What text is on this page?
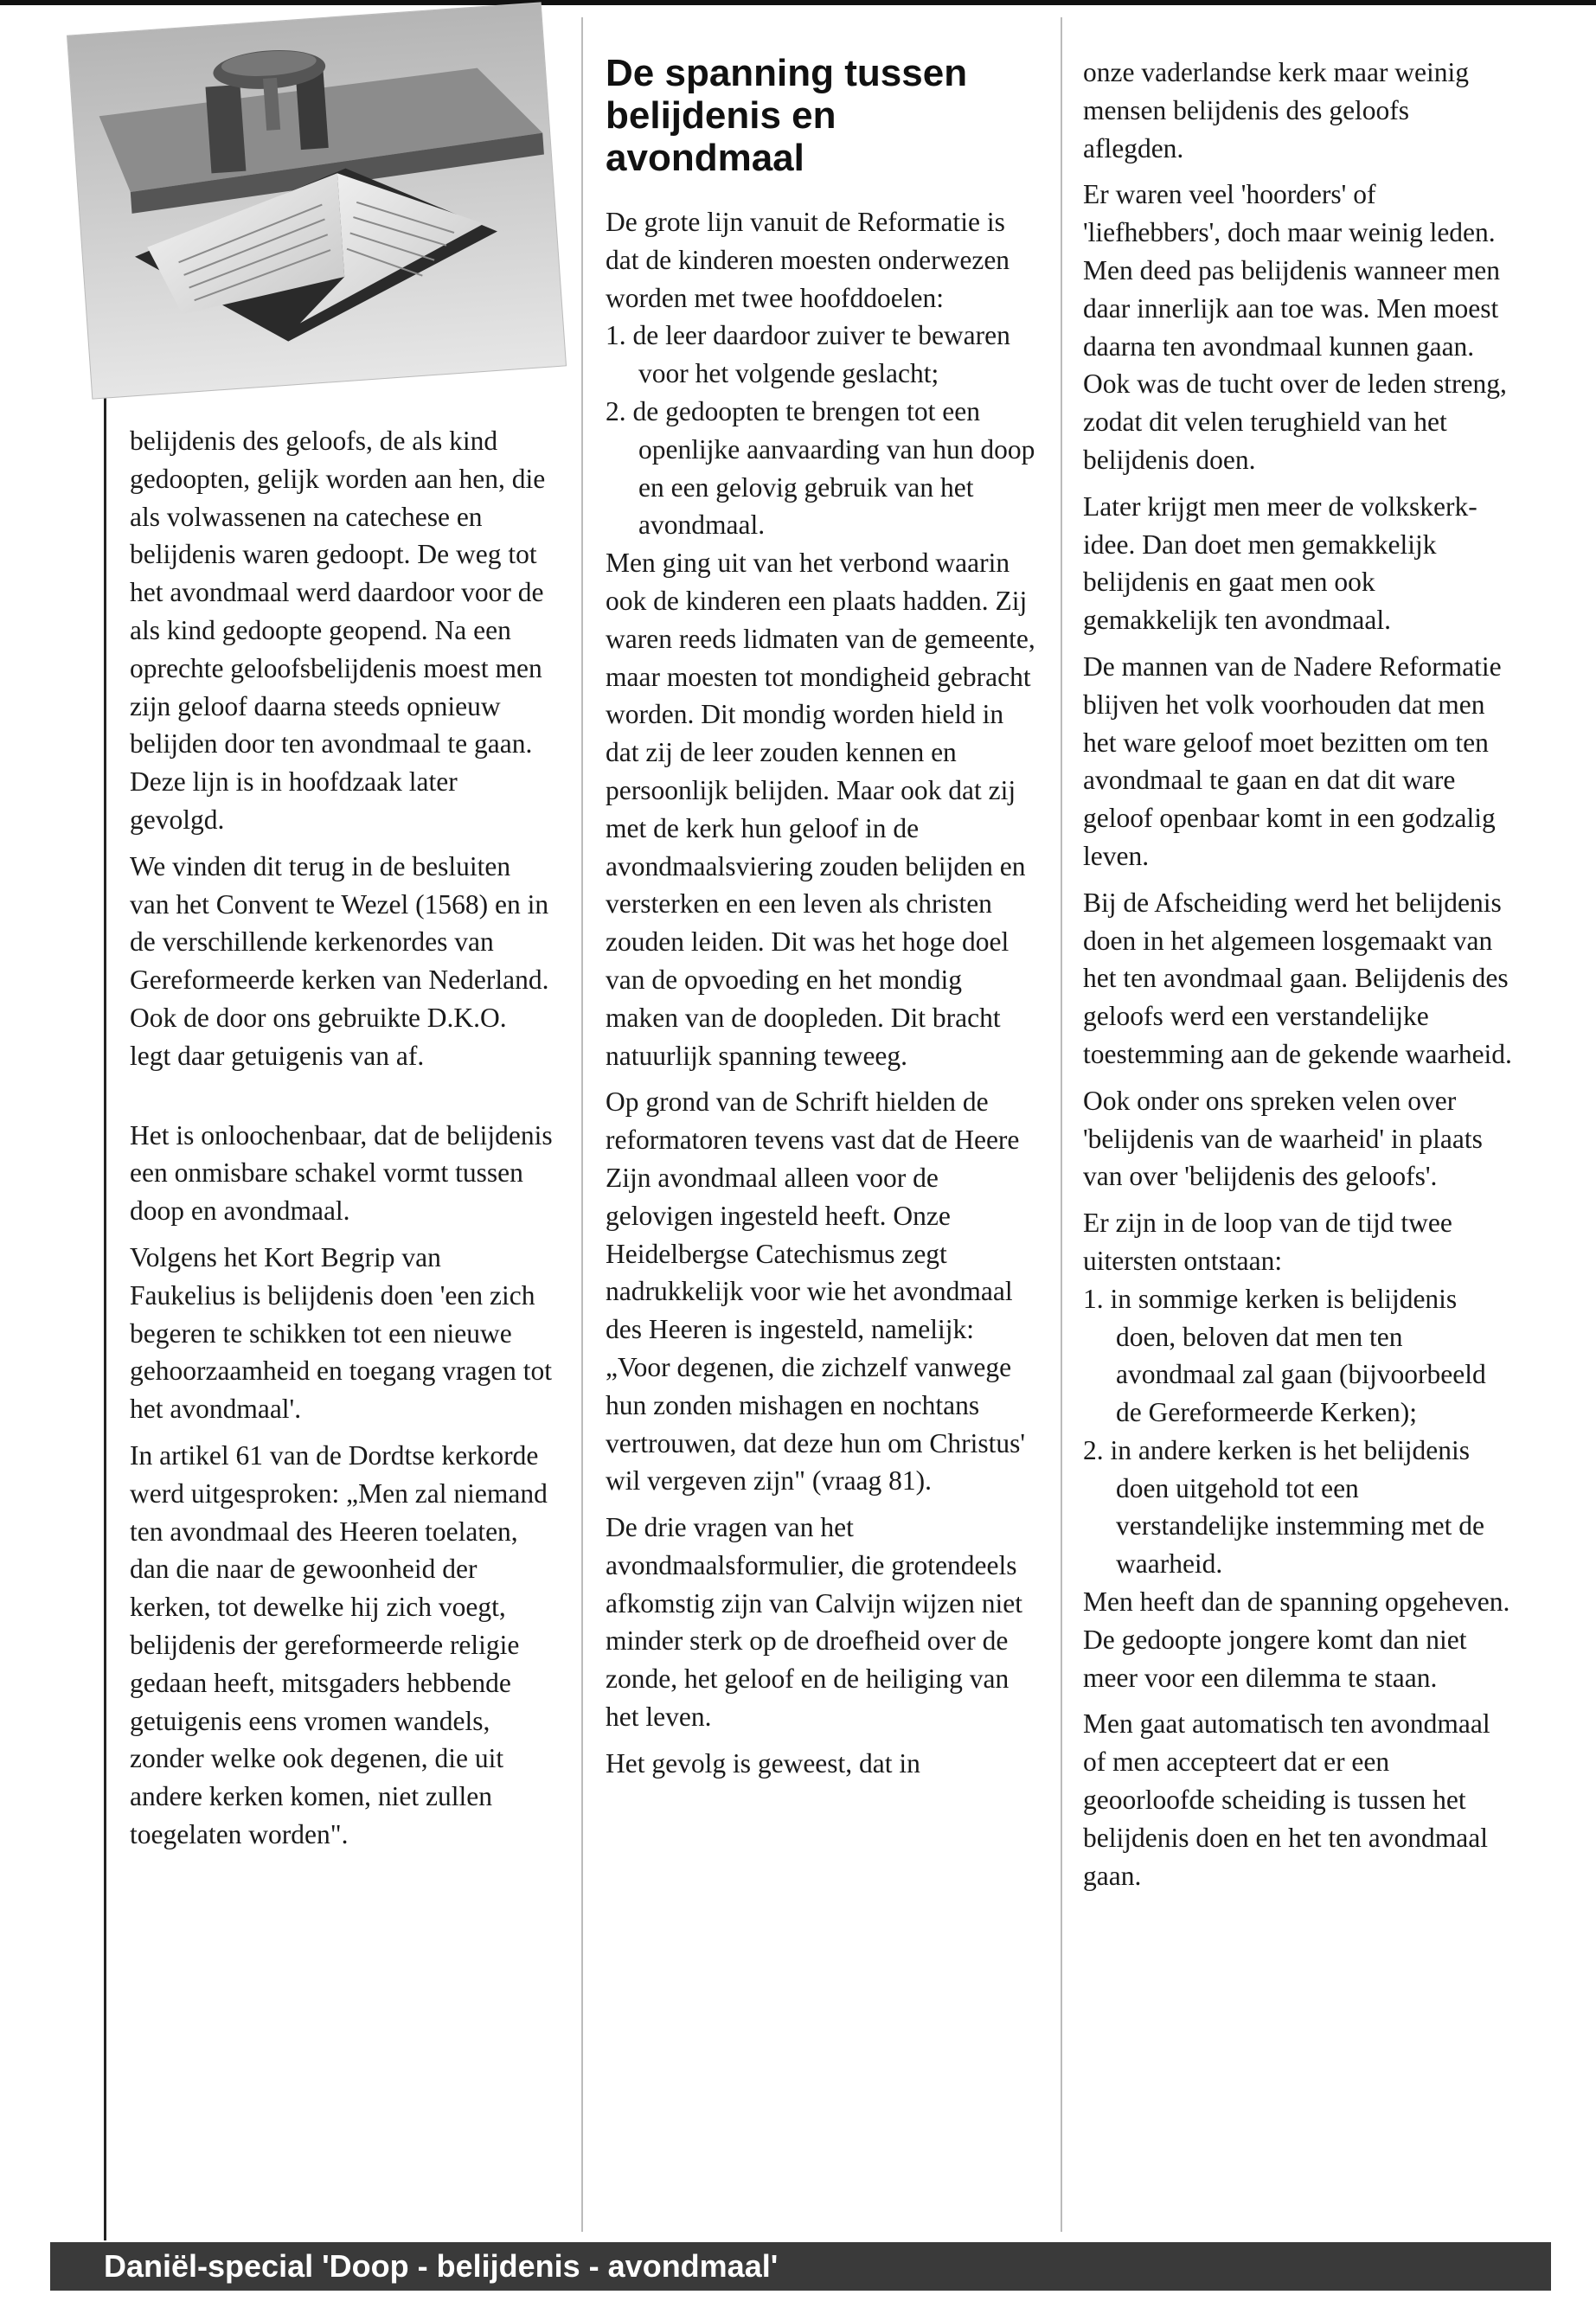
belijdenis des geloofs, de als kind gedoopten, gelijk worden aan hen, die als volwassenen na catechese en belijdenis waren gedoopt. De weg tot het avondmaal werd daardoor voor de als kind gedoopte geopend. Na een oprechte geloofsbelijdenis moest men zijn geloof daarna steeds opnieuw belijden door ten avondmaal te gaan. Deze lijn is in hoofdzaak later gevolgd.

We vinden dit terug in de besluiten van het Convent te Wezel (1568) en in de verschillende kerkenordes van Gereformeerde kerken van Nederland. Ook de door ons gebruikte D.K.O. legt daar getuigenis van af.

Het is onloochenbaar, dat de belijdenis een onmisbare schakel vormt tussen doop en avondmaal.

Volgens het Kort Begrip van Faukelius is belijdenis doen 'een zich begeren te schikken tot een nieuwe gehoorzaamheid en toegang vragen tot het avondmaal'.

In artikel 61 van de Dordtse kerkorde werd uitgesproken: „Men zal niemand ten avondmaal des Heeren toelaten, dan die naar de gewoonheid der kerken, tot dewelke hij zich voegt, belijdenis der gereformeerde religie gedaan heeft, mitsgaders hebbende getuigenis eens vromen wandels, zonder welke ook degenen, die uit andere kerken komen, niet zullen toegelaten worden".

De spanning tussen belijdenis en avondmaal

De grote lijn vanuit de Reformatie is dat de kinderen moesten onderwezen worden met twee hoofddoelen:

1. de leer daardoor zuiver te bewaren voor het volgende geslacht;
2. de gedoopten te brengen tot een openlijke aanvaarding van hun doop en een gelovig gebruik van het avondmaal.

Men ging uit van het verbond waarin ook de kinderen een plaats hadden. Zij waren reeds lidmaten van de gemeente, maar moesten tot mondigheid gebracht worden. Dit mondig worden hield in dat zij de leer zouden kennen en persoonlijk belijden. Maar ook dat zij met de kerk hun geloof in de avondmaalsviering zouden belijden en versterken en een leven als christen zouden leiden. Dit was het hoge doel van de opvoeding en het mondig maken van de doopleden. Dit bracht natuurlijk spanning teweeg.

Op grond van de Schrift hielden de reformatoren tevens vast dat de Heere Zijn avondmaal alleen voor de gelovigen ingesteld heeft. Onze Heidelbergse Catechismus zegt nadrukkelijk voor wie het avondmaal des Heeren is ingesteld, namelijk: „Voor degenen, die zichzelf vanwege hun zonden mishagen en nochtans vertrouwen, dat deze hun om Christus' wil vergeven zijn" (vraag 81).

De drie vragen van het avondmaalsformulier, die grotendeels afkomstig zijn van Calvijn wijzen niet minder sterk op de droefheid over de zonde, het geloof en de heiliging van het leven.

Het gevolg is geweest, dat in

onze vaderlandse kerk maar weinig mensen belijdenis des geloofs aflegden.

Er waren veel 'hoorders' of 'liefhebbers', doch maar weinig leden. Men deed pas belijdenis wanneer men daar innerlijk aan toe was. Men moest daarna ten avondmaal kunnen gaan. Ook was de tucht over de leden streng, zodat dit velen terughield van het belijdenis doen.

Later krijgt men meer de volkskerk-idee. Dan doet men gemakkelijk belijdenis en gaat men ook gemakkelijk ten avondmaal.

De mannen van de Nadere Reformatie blijven het volk voorhouden dat men het ware geloof moet bezitten om ten avondmaal te gaan en dat dit ware geloof openbaar komt in een godzalig leven.

Bij de Afscheiding werd het belijdenis doen in het algemeen losgemaakt van het ten avondmaal gaan. Belijdenis des geloofs werd een verstandelijke toestemming aan de gekende waarheid.

Ook onder ons spreken velen over 'belijdenis van de waarheid' in plaats van over 'belijdenis des geloofs'.

Er zijn in de loop van de tijd twee uitersten ontstaan:

1. in sommige kerken is belijdenis doen, beloven dat men ten avondmaal zal gaan (bijvoorbeeld de Gereformeerde Kerken);
2. in andere kerken is het belijdenis doen uitgehold tot een verstandelijke instemming met de waarheid.

Men heeft dan de spanning opgeheven. De gedoopte jongere komt dan niet meer voor een dilemma te staan.

Men gaat automatisch ten avondmaal of men accepteert dat er een geoorloofde scheiding is tussen het belijdenis doen en het ten avondmaal gaan.

Daniël-special 'Doop - belijdenis - avondmaal'
